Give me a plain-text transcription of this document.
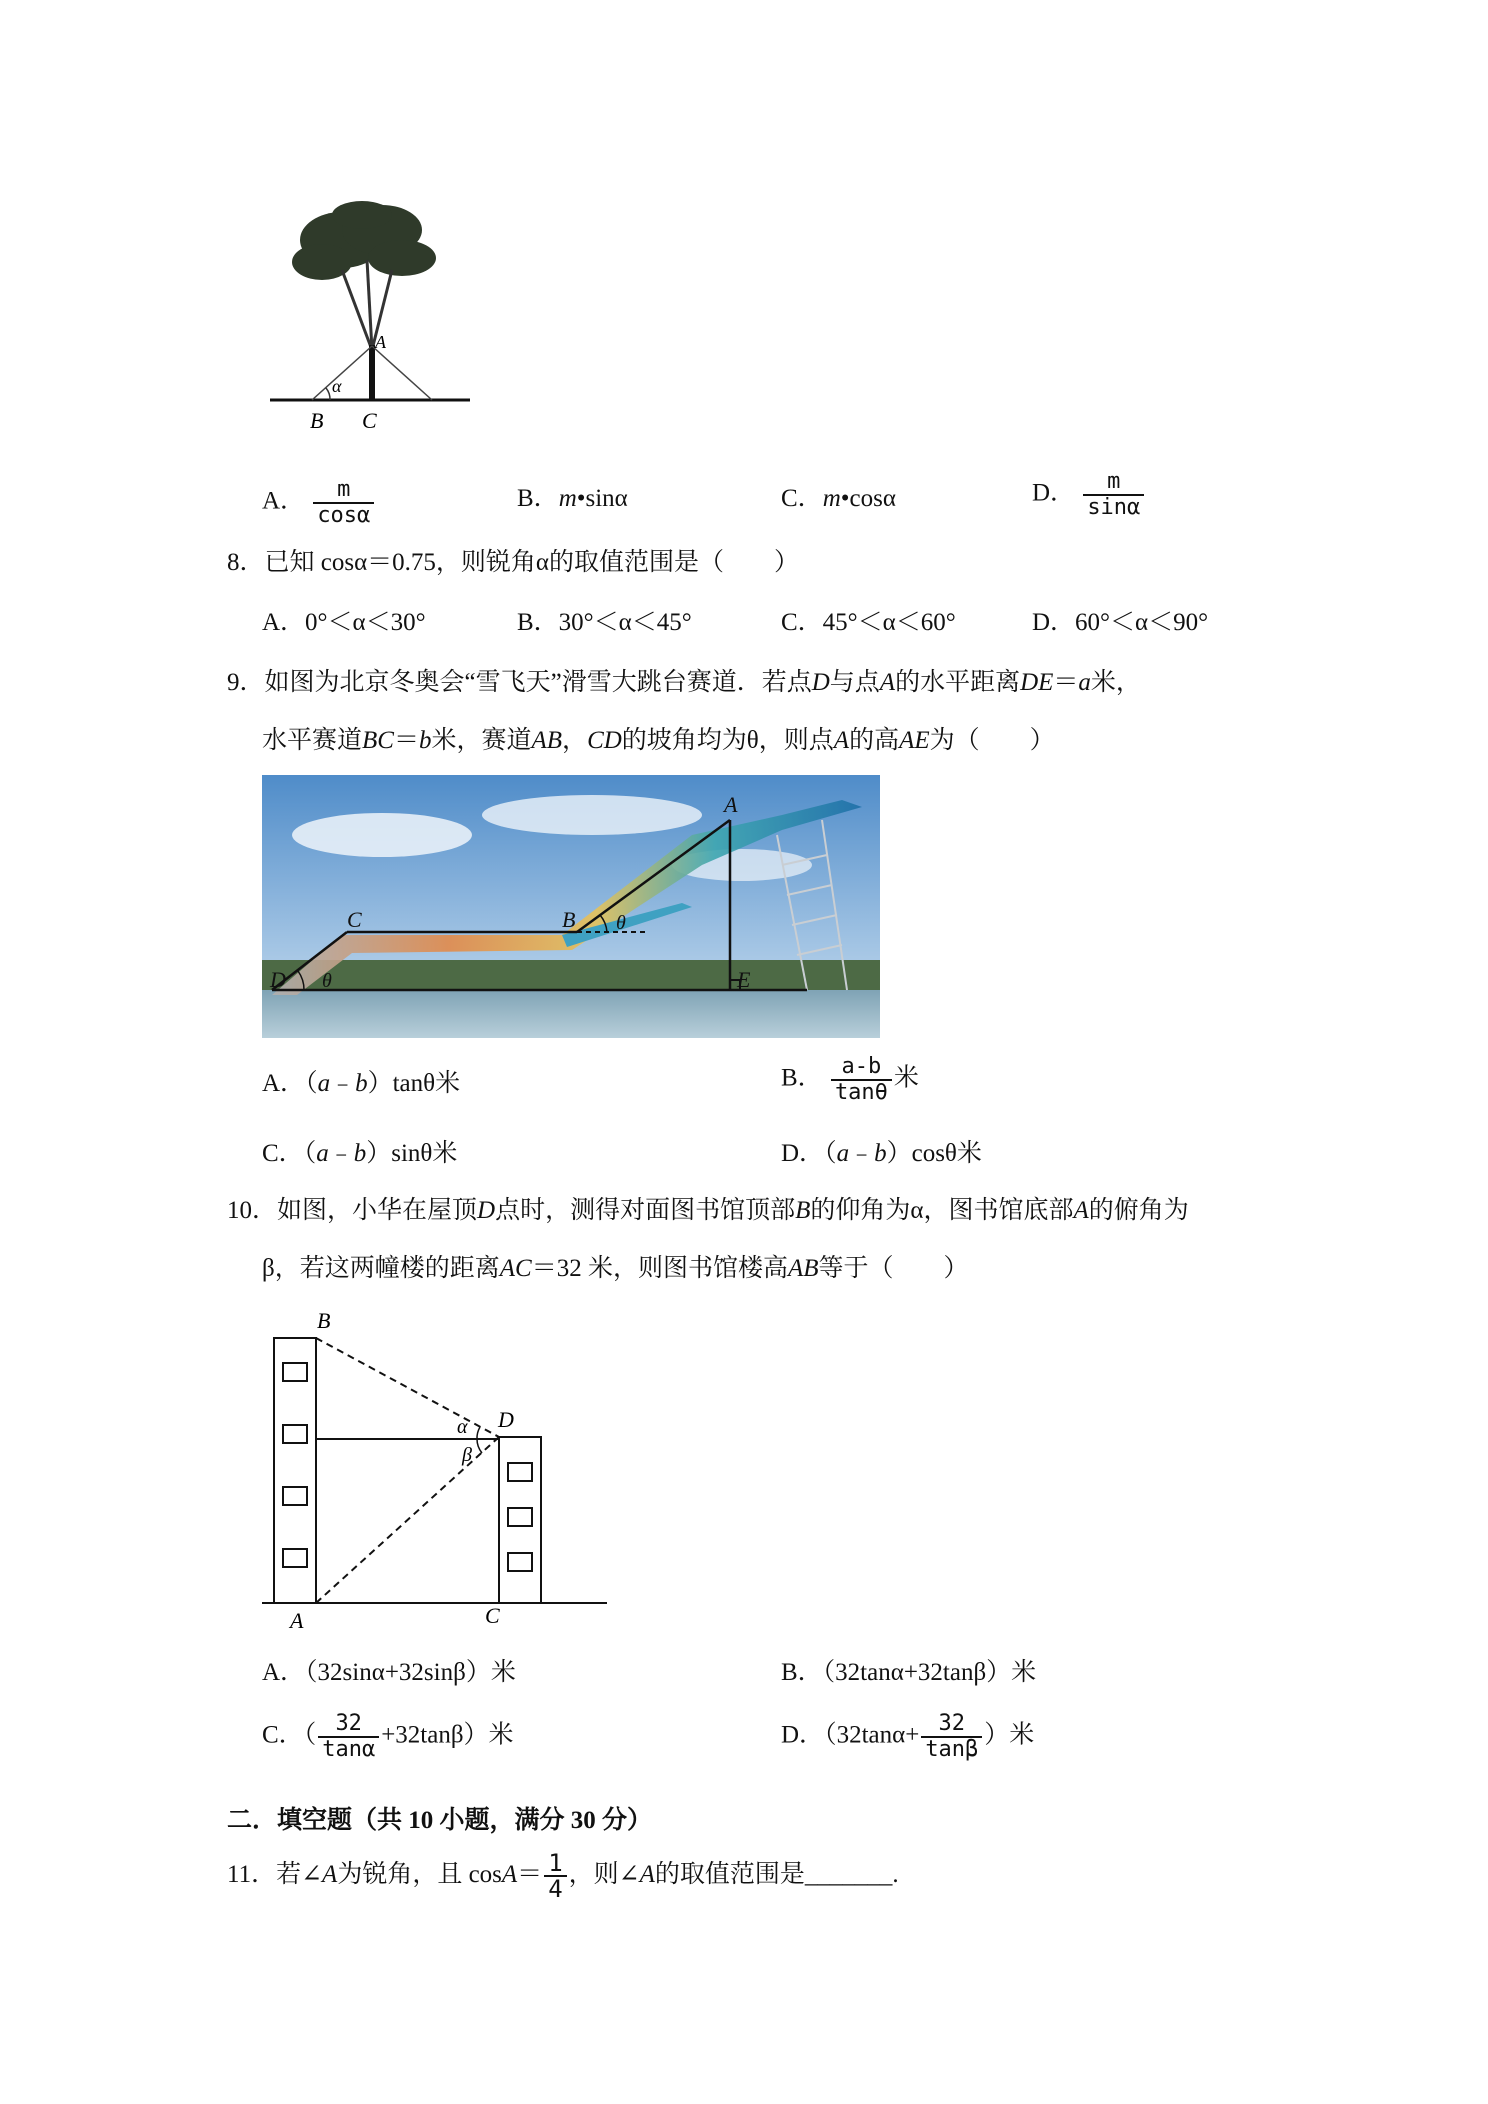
A
α
B C
A． $\frac{m}{\cos\alpha}$	B．m•sinα	C．m•cosα	D． $\frac{m}{\sin\alpha}$
8．已知 cosα＝0.75，则锐角α的取值范围是（　　）
A．0°＜α＜30°	B．30°＜α＜45°	C．45°＜α＜60°	D．60°＜α＜90°
9．如图为北京冬奥会“雪飞天”滑雪大跳台赛道．若点D与点A的水平距离DE＝a米，
水平赛道BC＝b米，赛道AB，CD的坡角均为θ，则点A的高AE为（　　）
A
B
C
D	E
θ
θ
A．（a﹣b）tanθ米	B． $\frac{a-b}{\tan\theta}$ 米
C．（a﹣b）sinθ米	D．（a﹣b）cosθ米
10．如图，小华在屋顶D点时，测得对面图书馆顶部B的仰角为α，图书馆底部A的俯角为
β，若这两幢楼的距离AC＝32 米，则图书馆楼高AB等于（　　）
B
D
A	C
α
β
A．（32sinα+32sinβ）米	B．（32tanα+32tanβ）米
C．（ $\frac{32}{\tan\alpha} +32\tan\beta$）米	D．（$32\tan\alpha+ \frac{32}{\tan\beta}$ ）米
二．填空题（共 10 小题，满分 30 分）
11．若∠A为锐角，且 $\cos A= \frac{1}{4}$ ，则∠A的取值范围是_______.
